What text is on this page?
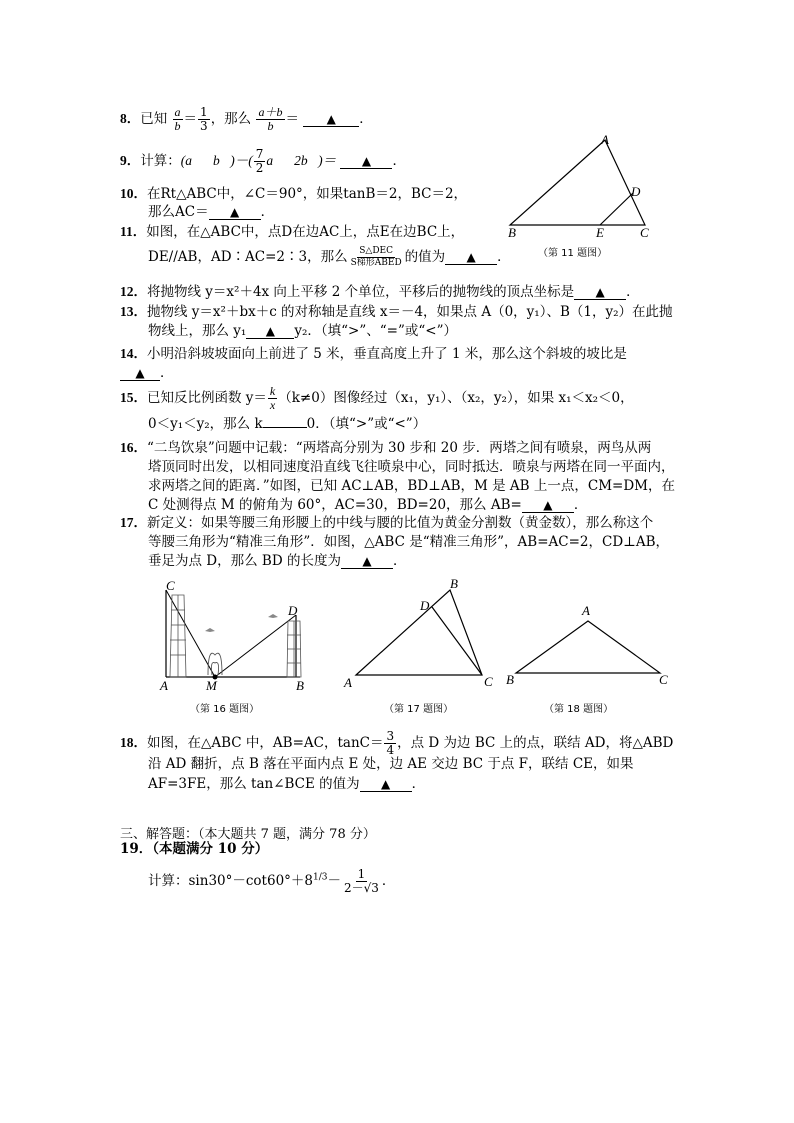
8．已知 $\frac{a}{b} = \frac{1}{3}$ ，那么 $\frac{a+b}{b}$ ＝ ▲ ．
9．计算：(a⃗＋b⃗)－( $\frac{7}{2}$ a⃗－2b⃗)＝ ▲ ．
10．在Rt△ABC中，∠C＝90°，如果tanB＝2，BC＝2，
那么AC＝ ▲ ．
11．如图，在△ABC中，点D在边AC上，点E在边BC上，
DE//AB，AD∶AC=2∶3，那么 $\frac{\text{S△DEC}}{\text{S梯形ABED}}$ 的值为 ▲ ．
A
D
B	E	C
（第 11 题图）
12．将抛物线 y＝x²＋4x 向上平移 2 个单位，平移后的抛物线的顶点坐标是 ▲ ．
13．抛物线 y＝x²＋bx＋c 的对称轴是直线 x＝－4，如果点 A（0，y₁）、B（1，y₂）在此抛
物线上，那么 y₁ ▲ y₂．（填“>”、“=”或“<”）
14．小明沿斜坡坡面向上前进了 5 米，垂直高度上升了 1 米，那么这个斜坡的坡比是
▲ ．
15．已知反比例函数 $y= \frac{k}{x} (k\ne 0)$图像经过（x₁，y₁）、（x₂，y₂），如果 x₁＜x₂＜0，
0＜y₁＜y₂，那么 k	0．（填“>”或“<”）
16．“二鸟饮泉”问题中记载：“两塔高分别为 30 步和 20 步．两塔之间有喷泉，两鸟从两
塔顶同时出发，以相同速度沿直线飞往喷泉中心，同时抵达．喷泉与两塔在同一平面内，
求两塔之间的距离．”如图，已知 AC⊥AB，BD⊥AB，M 是 AB 上一点，CM=DM，在
C 处测得点 M 的俯角为 60°，AC=30，BD=20，那么 AB= ▲ ．
17．新定义：如果等腰三角形腰上的中线与腰的比值为黄金分割数（黄金数），那么称这个
等腰三角形为“精准三角形”．如图，△ABC 是“精准三角形”，AB=AC=2，CD⊥AB，
垂足为点 D，那么 BD 的长度为 ▲ ．
C
D
A	M	B
（第 16 题图）
B
D
A	C
（第 17 题图）
A
B	C
（第 18 题图）
18．如图，在△ABC 中，AB=AC，$\tan C= \frac{3}{4}$ ，点 D 为边 BC 上的点，联结 AD，将△ABD
沿 AD 翻折，点 B 落在平面内点 E 处，边 AE 交边 BC 于点 F，联结 CE，如果
AF=3FE，那么 tan∠BCE 的值为 ▲ ．
三、解答题：（本大题共 7 题，满分 78 分）
19．（本题满分 10 分）
计算：$\sin 30^\circ-\cot 60^\circ+8^{1/3}- \frac{1}{2-√3}$ ．
